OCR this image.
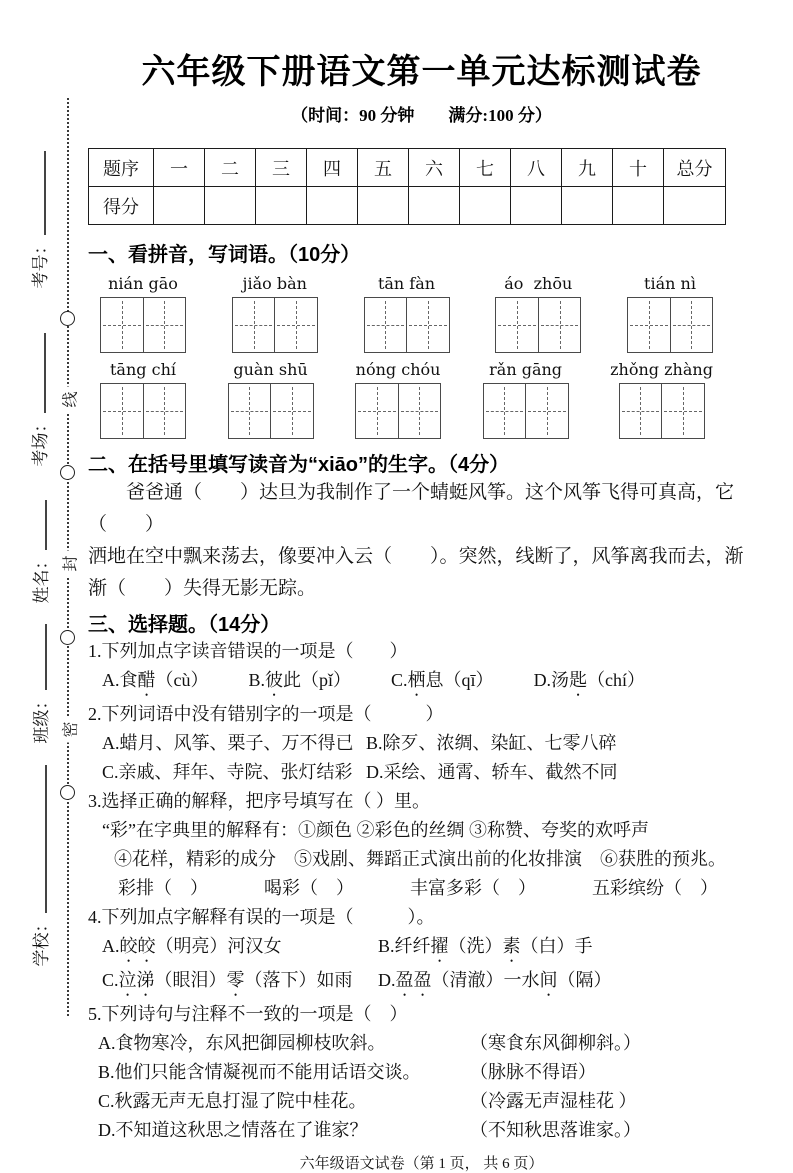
线
封
密
考号：
考场：
姓名：
班级：
学校：
六年级下册语文第一单元达标测试卷
（时间：90 分钟　　满分:100 分）
题序	一	二	三	四	五	六	七	八	九	十	总分
得分											
一、看拼音，写词语。（10分）
nián gāo	jiǎo bàn	tān fàn	áo  zhōu	tián nì
tāng chí	guàn shū	nóng chóu	rǎn gāng	zhǒng zhàng
二、在括号里填写读音为“xiāo”的生字。（4分）
爸爸通（　　）达旦为我制作了一个蜻蜓风筝。这个风筝飞得可真高，它（　　）
洒地在空中飘来荡去，像要冲入云（　　）。突然，线断了，风筝离我而去，渐
渐（　　）失得无影无踪。
三、选择题。（14分）
1.下列加点字读音错误的一项是（　　）
A.食醋（cù） B.彼此（pǐ） C.栖息（qī） D.汤匙（chí）
2.下列词语中没有错别字的一项是（　　　）
A.蜡月、风筝、栗子、万不得已 B.除歹、浓绸、染缸、七零八碎
C.亲戚、拜年、寺院、张灯结彩 D.采绘、通霄、轿车、截然不同
3.选择正确的解释，把序号填写在（ ）里。
“彩”在字典里的解释有：①颜色 ②彩色的丝绸 ③称赞、夸奖的欢呼声
④花样，精彩的成分　⑤戏剧、舞蹈正式演出前的化妆排演　⑥获胜的预兆。
彩排（　）	喝彩（　）	丰富多彩（　）	五彩缤纷（　）
4.下列加点字解释有误的一项是（　　　）。
A.皎皎（明亮）河汉女	B.纤纤擢（洗）素（白）手
C.泣涕（眼泪）零（落下）如雨	D.盈盈（清澈）一水间（隔）
5.下列诗句与注释不一致的一项是（　）
A.食物寒冷，东风把御园柳枝吹斜。	（寒食东风御柳斜。）
B.他们只能含情凝视而不能用话语交谈。	（脉脉不得语）
C.秋露无声无息打湿了院中桂花。	（冷露无声湿桂花 ）
D.不知道这秋思之情落在了谁家？	（不知秋思落谁家。）
六年级语文试卷（第 1 页， 共 6 页）
